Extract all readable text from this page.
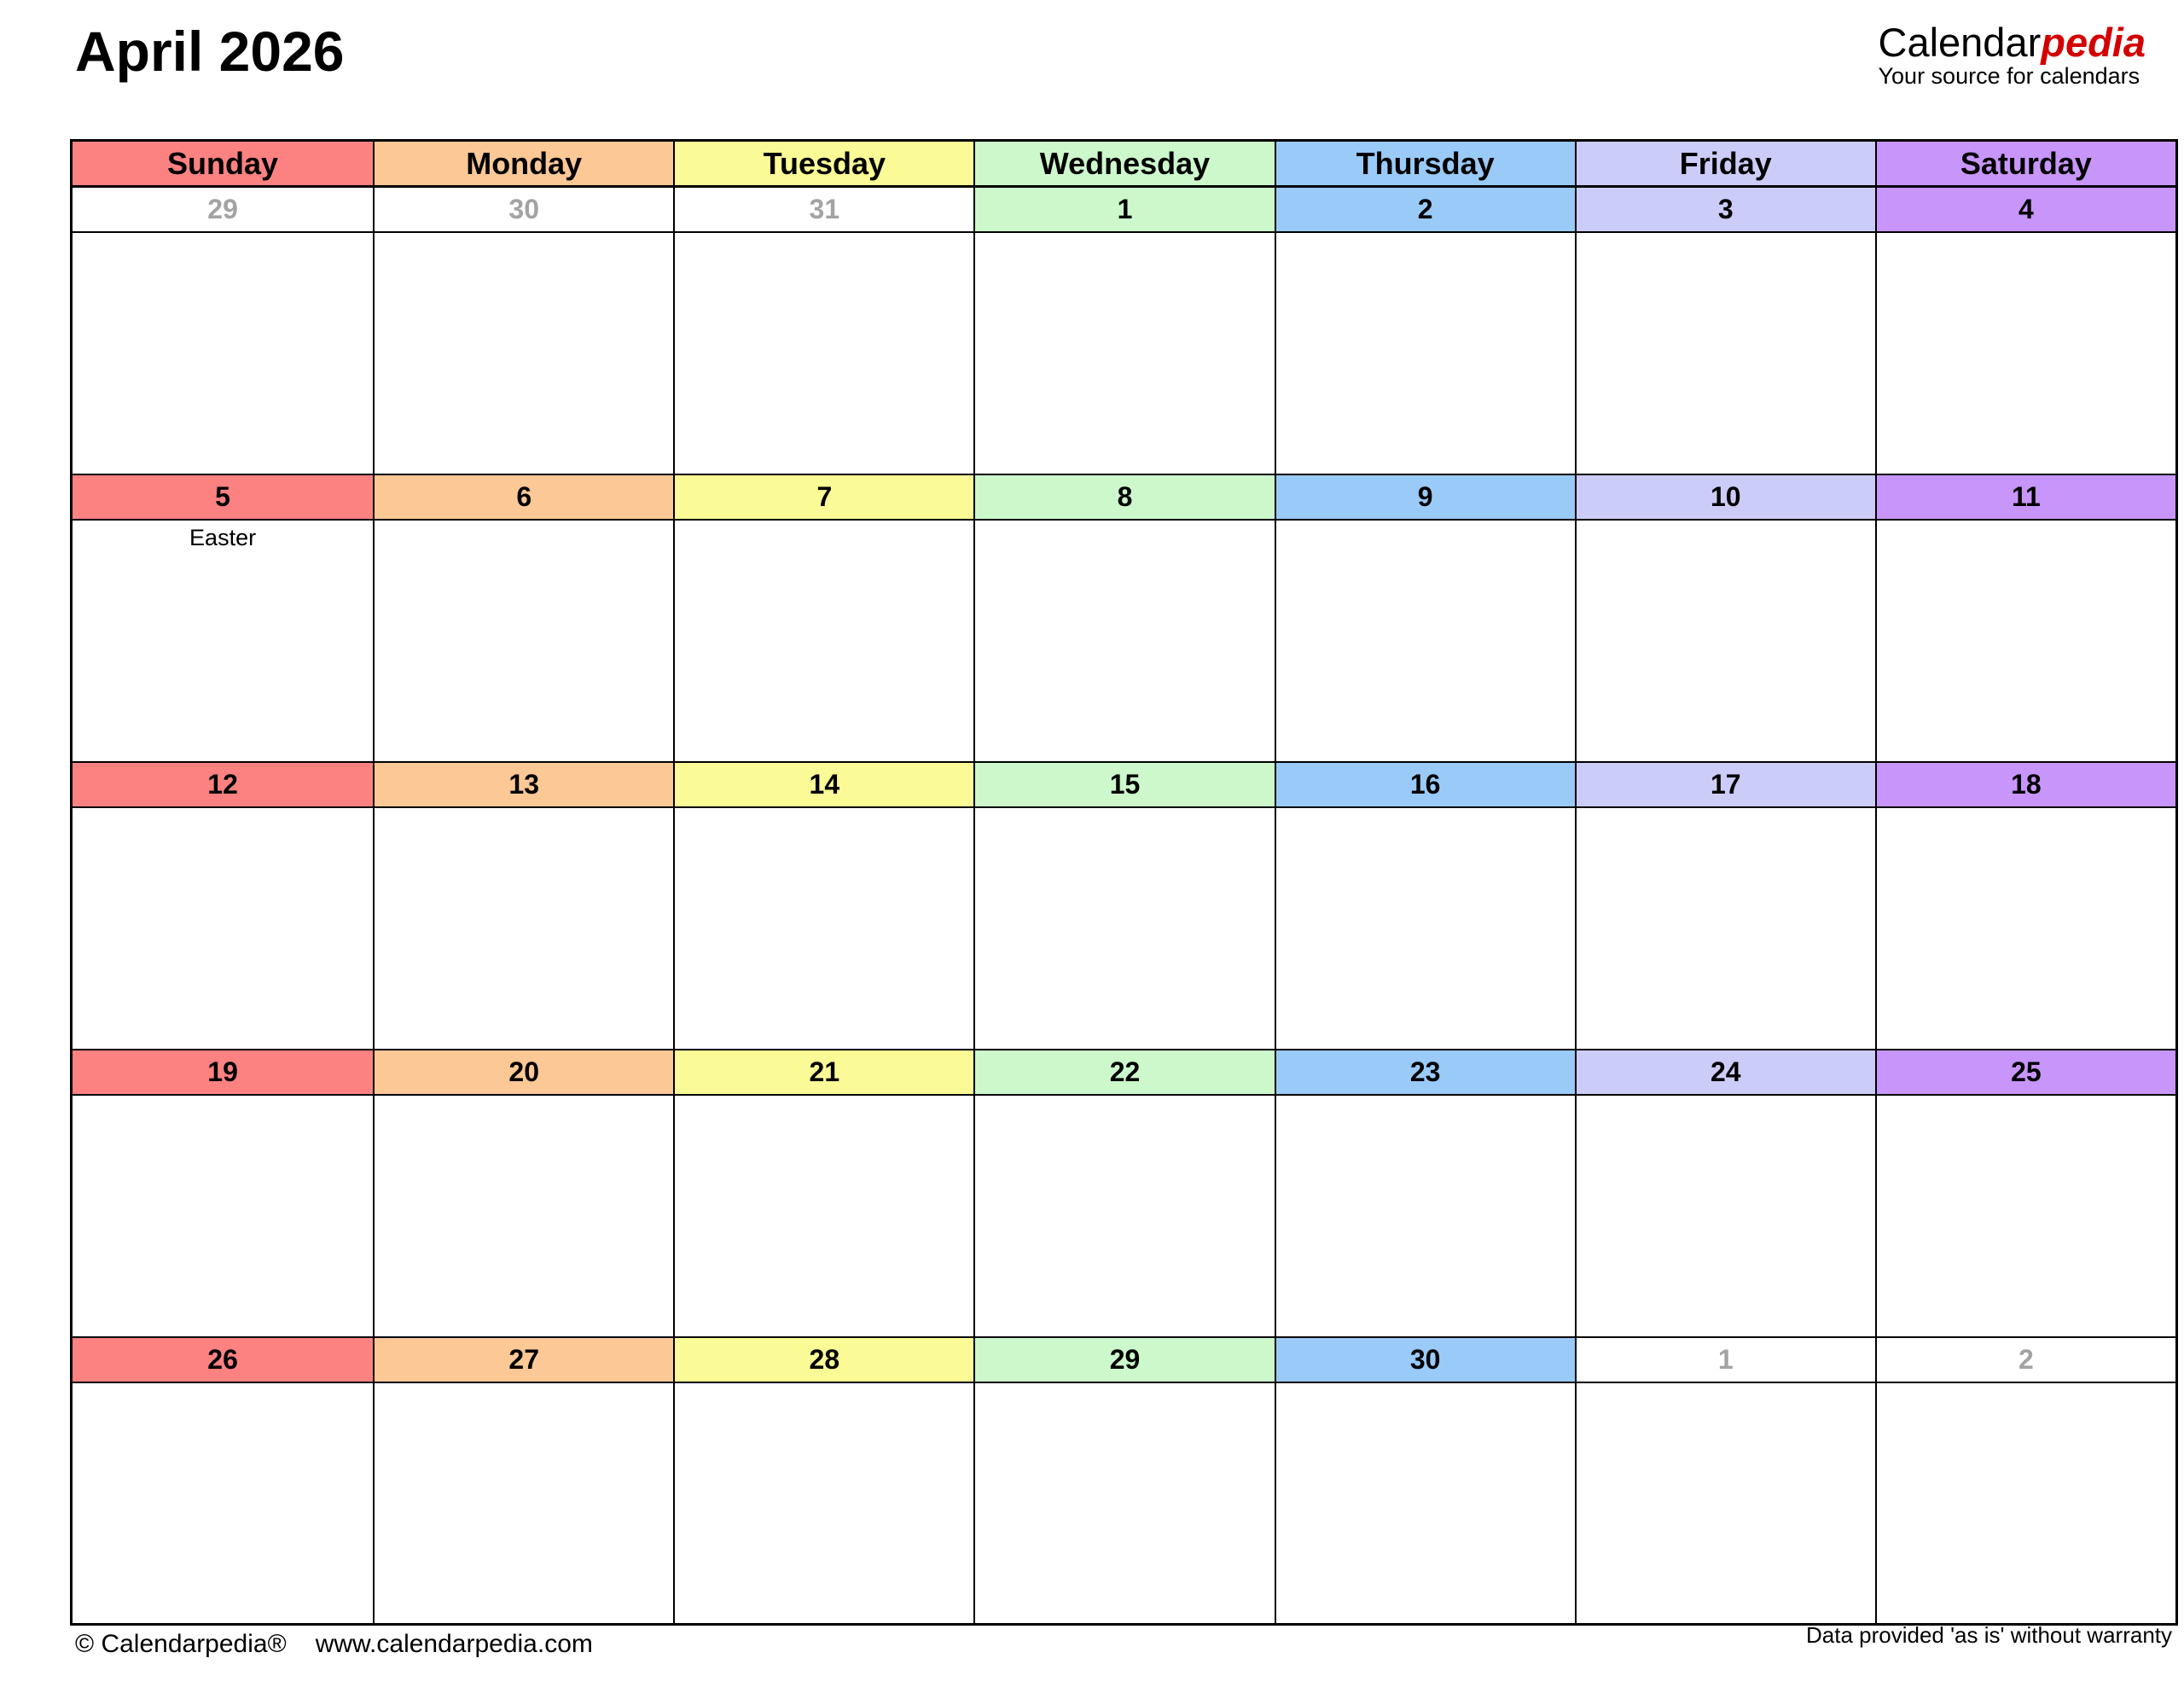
April 2026	Calendarpedia
Your source for calendars
Sunday	Monday	Tuesday	Wednesday	Thursday	Friday	Saturday
29	30	31	1	2	3	4
5	6	7	8	9	10	11
Easter
12	13	14	15	16	17	18
19	20	21	22	23	24	25
26	27	28	29	30	1	2
© Calendarpedia® www.calendarpedia.com	Data provided 'as is' without warranty
